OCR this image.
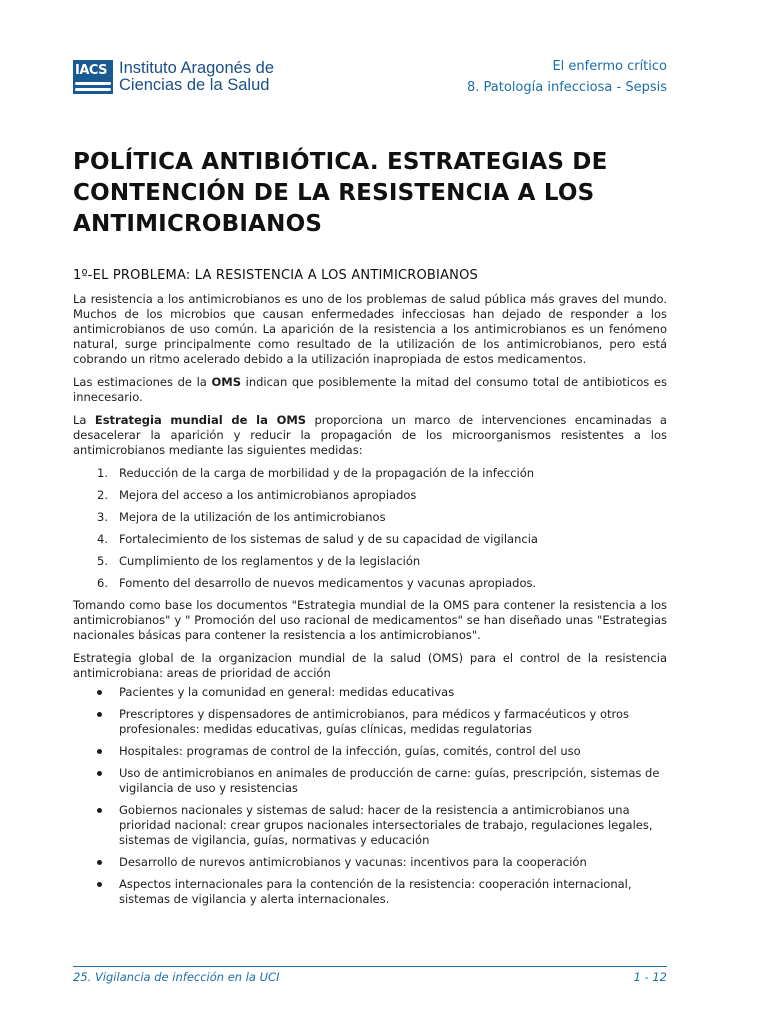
IACS Instituto Aragonés de
Ciencias de la Salud
El enfermo crítico
8. Patología infecciosa - Sepsis
POLÍTICA ANTIBIÓTICA. ESTRATEGIAS DE CONTENCIÓN DE LA RESISTENCIA A LOS ANTIMICROBIANOS
1º-EL PROBLEMA: LA RESISTENCIA A LOS ANTIMICROBIANOS

La resistencia a los antimicrobianos es uno de los problemas de salud pública más graves del mundo. Muchos de los microbios que causan enfermedades infecciosas han dejado de responder a los antimicrobianos de uso común. La aparición de la resistencia a los antimicrobianos es un fenómeno natural, surge principalmente como resultado de la utilización de los antimicrobianos, pero está cobrando un ritmo acelerado debido a la utilización inapropiada de estos medicamentos.

Las estimaciones de la OMS indican que posiblemente la mitad del consumo total de antibioticos es innecesario.

La Estrategia mundial de la OMS proporciona un marco de intervenciones encaminadas a desacelerar la aparición y reducir la propagación de los microorganismos resistentes a los antimicrobianos mediante las siguientes medidas:

1. Reducción de la carga de morbilidad y de la propagación de la infección
2. Mejora del acceso a los antimicrobianos apropiados
3. Mejora de la utilización de los antimicrobianos
4. Fortalecimiento de los sistemas de salud y de su capacidad de vigilancia
5. Cumplimiento de los reglamentos y de la legislación
6. Fomento del desarrollo de nuevos medicamentos y vacunas apropiados.

Tomando como base los documentos "Estrategia mundial de la OMS para contener la resistencia a los antimicrobianos" y " Promoción del uso racional de medicamentos" se han diseñado unas "Estrategias nacionales básicas para contener la resistencia a los antimicrobianos".

Estrategia global de la organizacion mundial de la salud (OMS) para el control de la resistencia antimicrobiana: areas de prioridad de acción

Pacientes y la comunidad en general: medidas educativas
Prescriptores y dispensadores de antimicrobianos, para médicos y farmacéuticos y otros profesionales: medidas educativas, guías clínicas, medidas regulatorias
Hospitales: programas de control de la infección, guías, comités, control del uso
Uso de antimicrobianos en animales de producción de carne: guías, prescripción, sistemas de vigilancia de uso y resistencias
Gobiernos nacionales y sistemas de salud: hacer de la resistencia a antimicrobianos una prioridad nacional: crear grupos nacionales intersectoriales de trabajo, regulaciones legales, sistemas de vigilancia, guías, normativas y educación
Desarrollo de nurevos antimicrobianos y vacunas: incentivos para la cooperación
Aspectos internacionales para la contención de la resistencia: cooperación internacional, sistemas de vigilancia y alerta internacionales.
25. Vigilancia de infección en la UCI	1 - 12
